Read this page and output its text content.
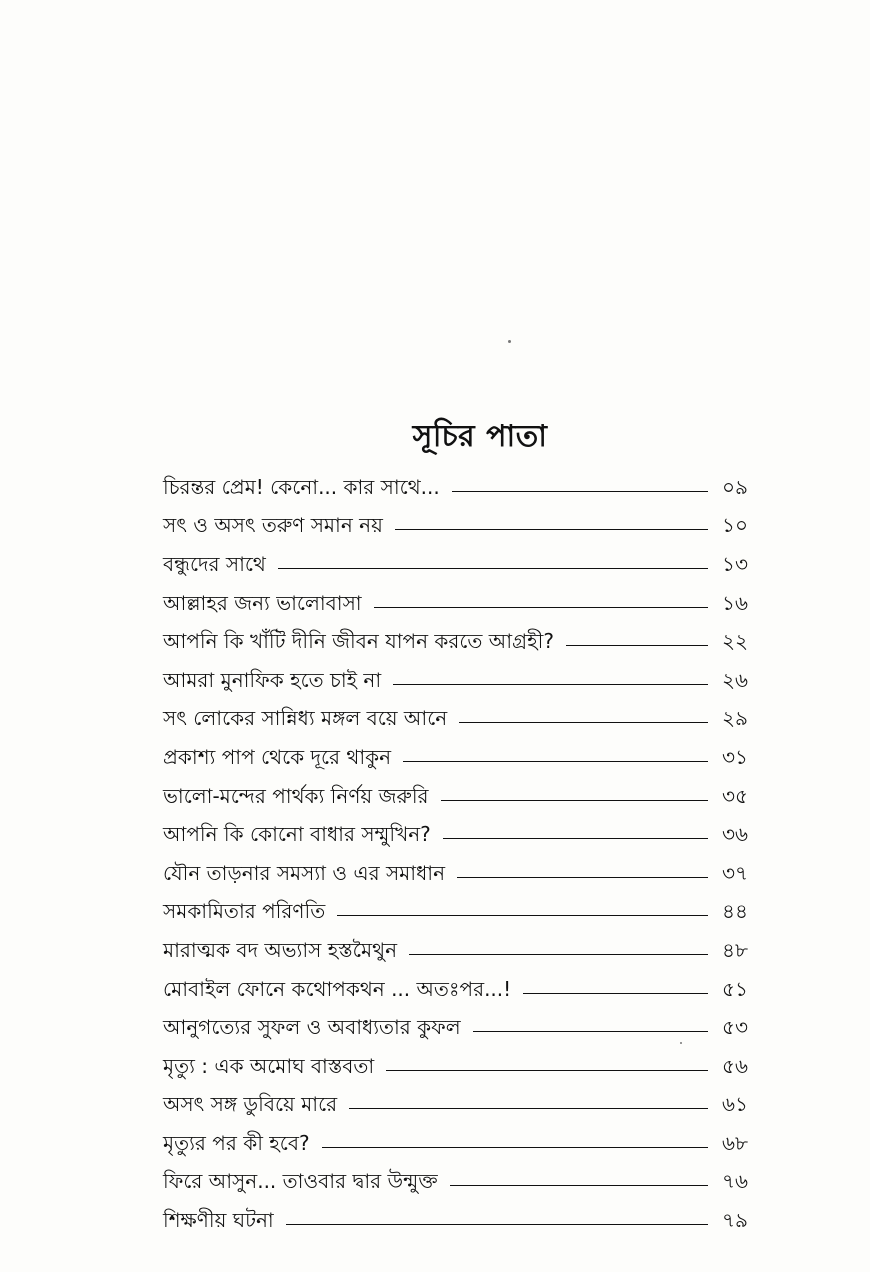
সূচির পাতা
চিরন্তর প্রেম! কেনো... কার সাথে...	০৯
সৎ ও অসৎ তরুণ সমান নয়	১০
বন্ধুদের সাথে	১৩
আল্লাহর জন্য ভালোবাসা	১৬
আপনি কি খাঁটি দীনি জীবন যাপন করতে আগ্রহী?	২২
আমরা মুনাফিক হতে চাই না	২৬
সৎ লোকের সান্নিধ্য মঙ্গল বয়ে আনে	২৯
প্রকাশ্য পাপ থেকে দূরে থাকুন	৩১
ভালো-মন্দের পার্থক্য নির্ণয় জরুরি	৩৫
আপনি কি কোনো বাধার সম্মুখিন?	৩৬
যৌন তাড়নার সমস্যা ও এর সমাধান	৩৭
সমকামিতার পরিণতি	৪৪
মারাত্মক বদ অভ্যাস হস্তমৈথুন	৪৮
মোবাইল ফোনে কথোপকথন ... অতঃপর...!	৫১
আনুগত্যের সুফল ও অবাধ্যতার কুফল	৫৩
মৃত্যু : এক অমোঘ বাস্তবতা	৫৬
অসৎ সঙ্গ ডুবিয়ে মারে	৬১
মৃত্যুর পর কী হবে?	৬৮
ফিরে আসুন... তাওবার দ্বার উন্মুক্ত	৭৬
শিক্ষণীয় ঘটনা	৭৯
